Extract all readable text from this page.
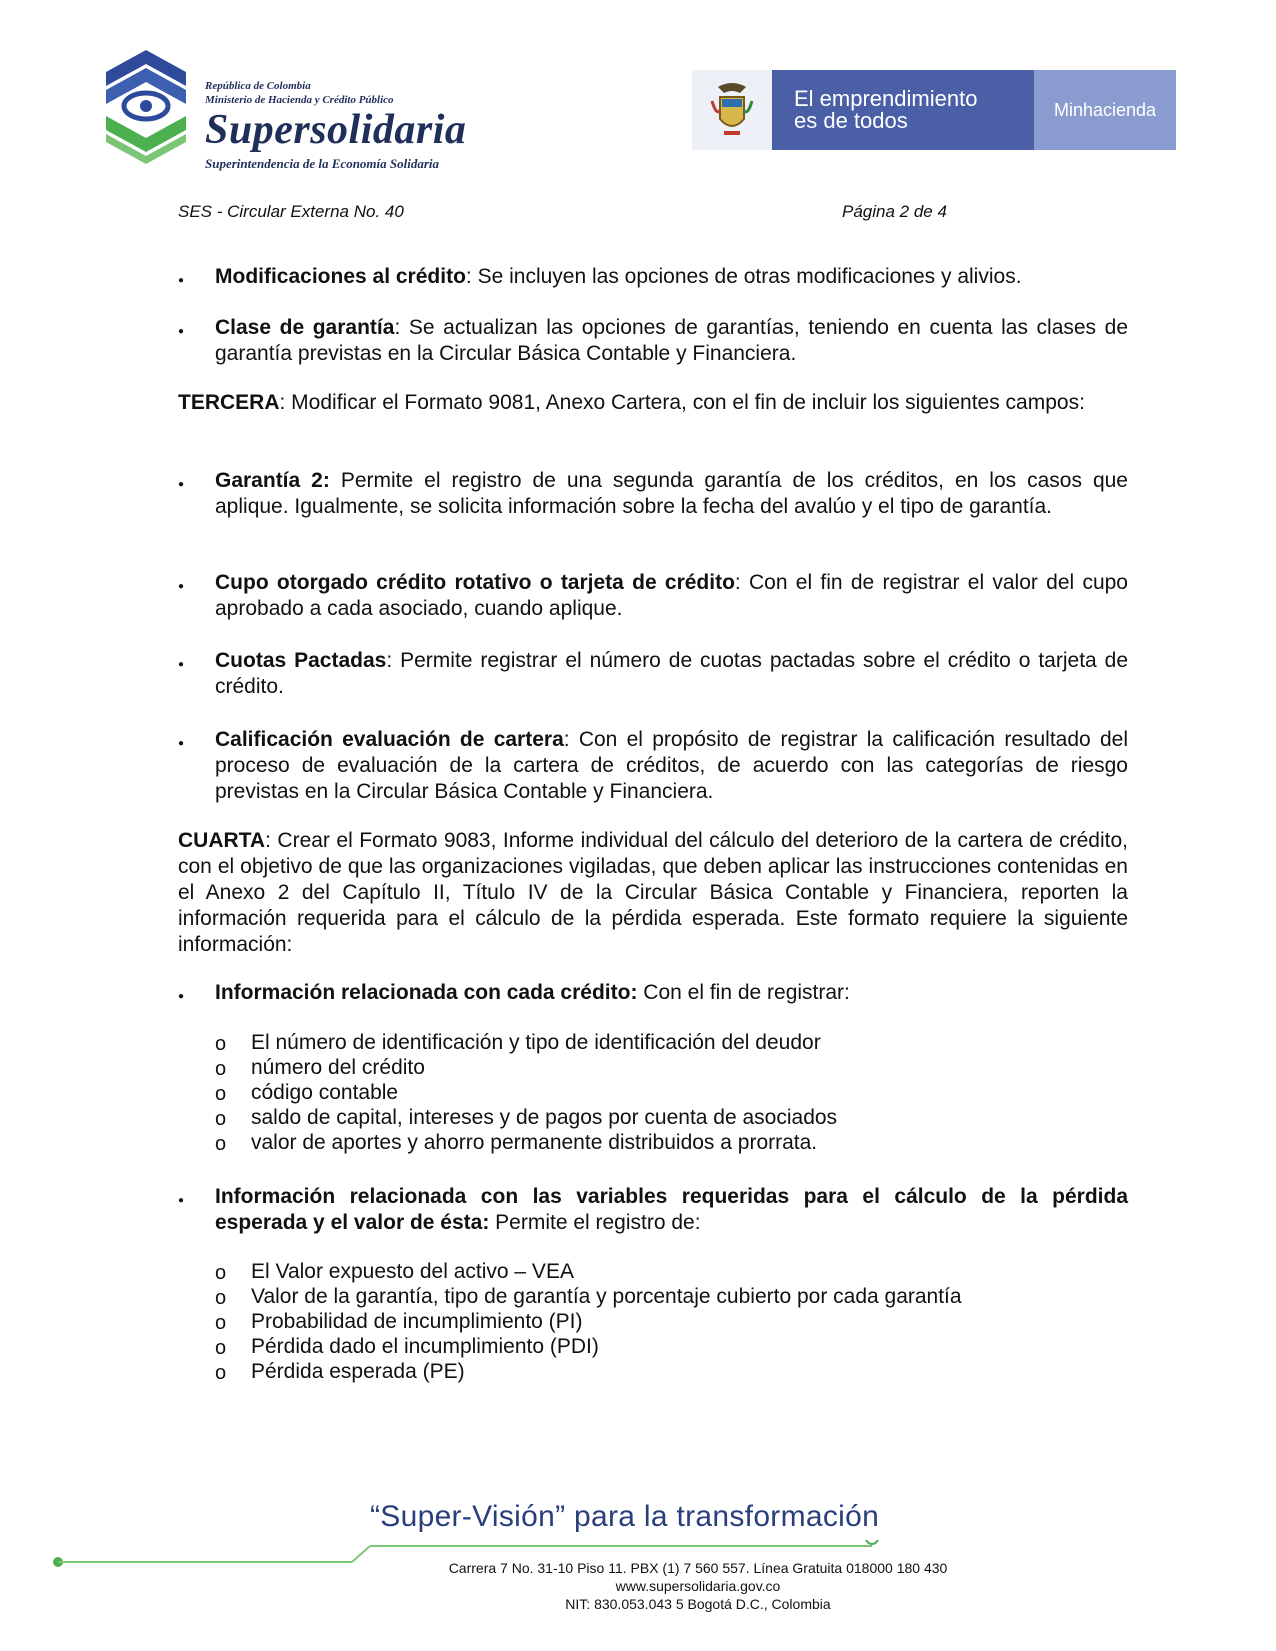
República de Colombia
Ministerio de Hacienda y Crédito Público
Supersolidaria
Superintendencia de la Economía Solidaria
El emprendimiento
es de todos	Minhacienda
SES - Circular Externa No. 40	Página 2 de 4
●
Modificaciones al crédito: Se incluyen las opciones de otras modificaciones y alivios.
●
Clase de garantía: Se actualizan las opciones de garantías, teniendo en cuenta las clases de garantía previstas en la Circular Básica Contable y Financiera.
TERCERA: Modificar el Formato 9081, Anexo Cartera, con el fin de incluir los siguientes campos:
●
Garantía 2: Permite el registro de una segunda garantía de los créditos, en los casos que aplique. Igualmente, se solicita información sobre la fecha del avalúo y el tipo de garantía.
●
Cupo otorgado crédito rotativo o tarjeta de crédito: Con el fin de registrar el valor del cupo aprobado a cada asociado, cuando aplique.
●
Cuotas Pactadas: Permite registrar el número de cuotas pactadas sobre el crédito o tarjeta de crédito.
●
Calificación evaluación de cartera: Con el propósito de registrar la calificación resultado del proceso de evaluación de la cartera de créditos, de acuerdo con las categorías de riesgo previstas en la Circular Básica Contable y Financiera.
CUARTA: Crear el Formato 9083, Informe individual del cálculo del deterioro de la cartera de crédito, con el objetivo de que las organizaciones vigiladas, que deben aplicar las instrucciones contenidas en el Anexo 2 del Capítulo II, Título IV de la Circular Básica Contable y Financiera, reporten la información requerida para el cálculo de la pérdida esperada. Este formato requiere la siguiente información:
●
Información relacionada con cada crédito: Con el fin de registrar:
o El número de identificación y tipo de identificación del deudor
o número del crédito
o código contable
o saldo de capital, intereses y de pagos por cuenta de asociados
o valor de aportes y ahorro permanente distribuidos a prorrata.
●
Información relacionada con las variables requeridas para el cálculo de la pérdida esperada y el valor de ésta: Permite el registro de:
o El Valor expuesto del activo – VEA
o Valor de la garantía, tipo de garantía y porcentaje cubierto por cada garantía
o Probabilidad de incumplimiento (PI)
o Pérdida dado el incumplimiento (PDI)
o Pérdida esperada (PE)
“Super-Visión” para la transformación
Carrera 7 No. 31-10 Piso 11. PBX (1) 7 560 557. Línea Gratuita 018000 180 430
www.supersolidaria.gov.co
NIT: 830.053.043 5 Bogotá D.C., Colombia
